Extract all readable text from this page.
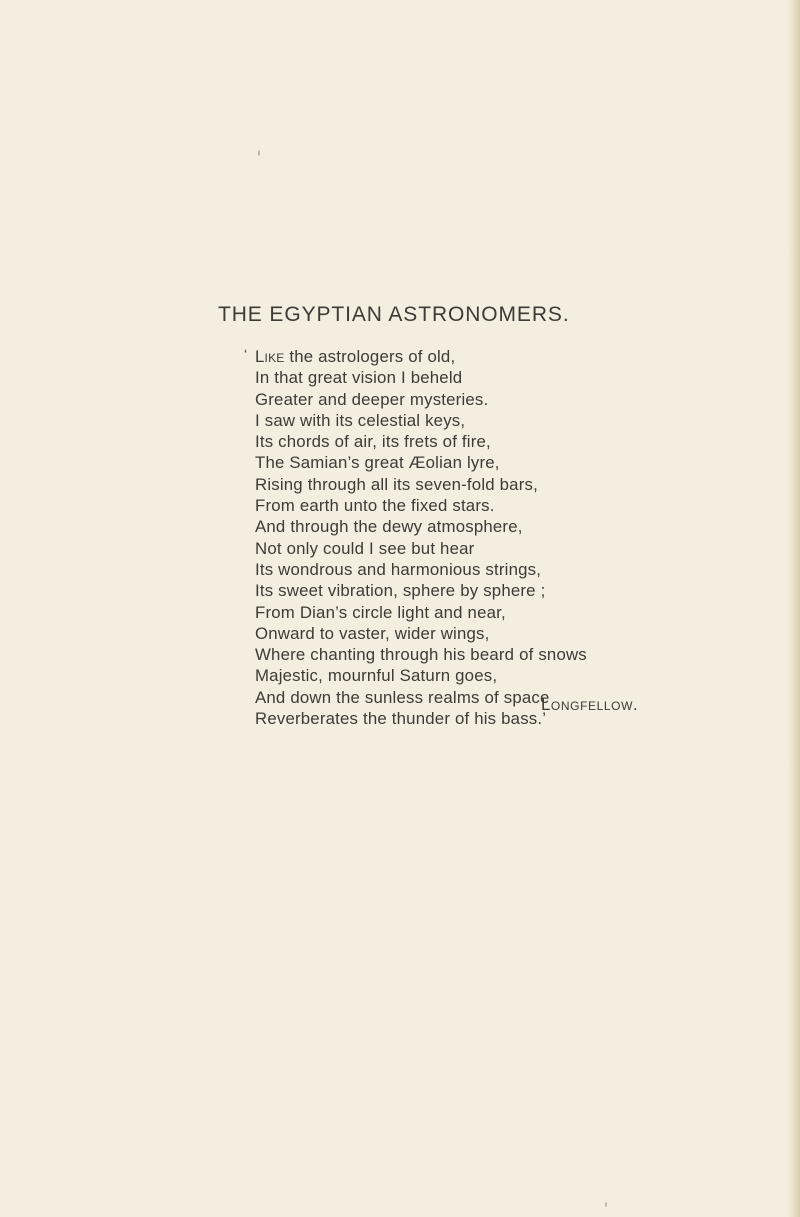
THE EGYPTIAN ASTRONOMERS.
‘ Like the astrologers of old,
In that great vision I beheld
Greater and deeper mysteries.
I saw with its celestial keys,
Its chords of air, its frets of fire,
The Samian’s great Æolian lyre,
Rising through all its seven-fold bars,
From earth unto the fixed stars.
And through the dewy atmosphere,
Not only could I see but hear
Its wondrous and harmonious strings,
Its sweet vibration, sphere by sphere ;
From Dian’s circle light and near,
Onward to vaster, wider wings,
Where chanting through his beard of snows
Majestic, mournful Saturn goes,
And down the sunless realms of space
Reverberates the thunder of his bass.’
Longfellow.
